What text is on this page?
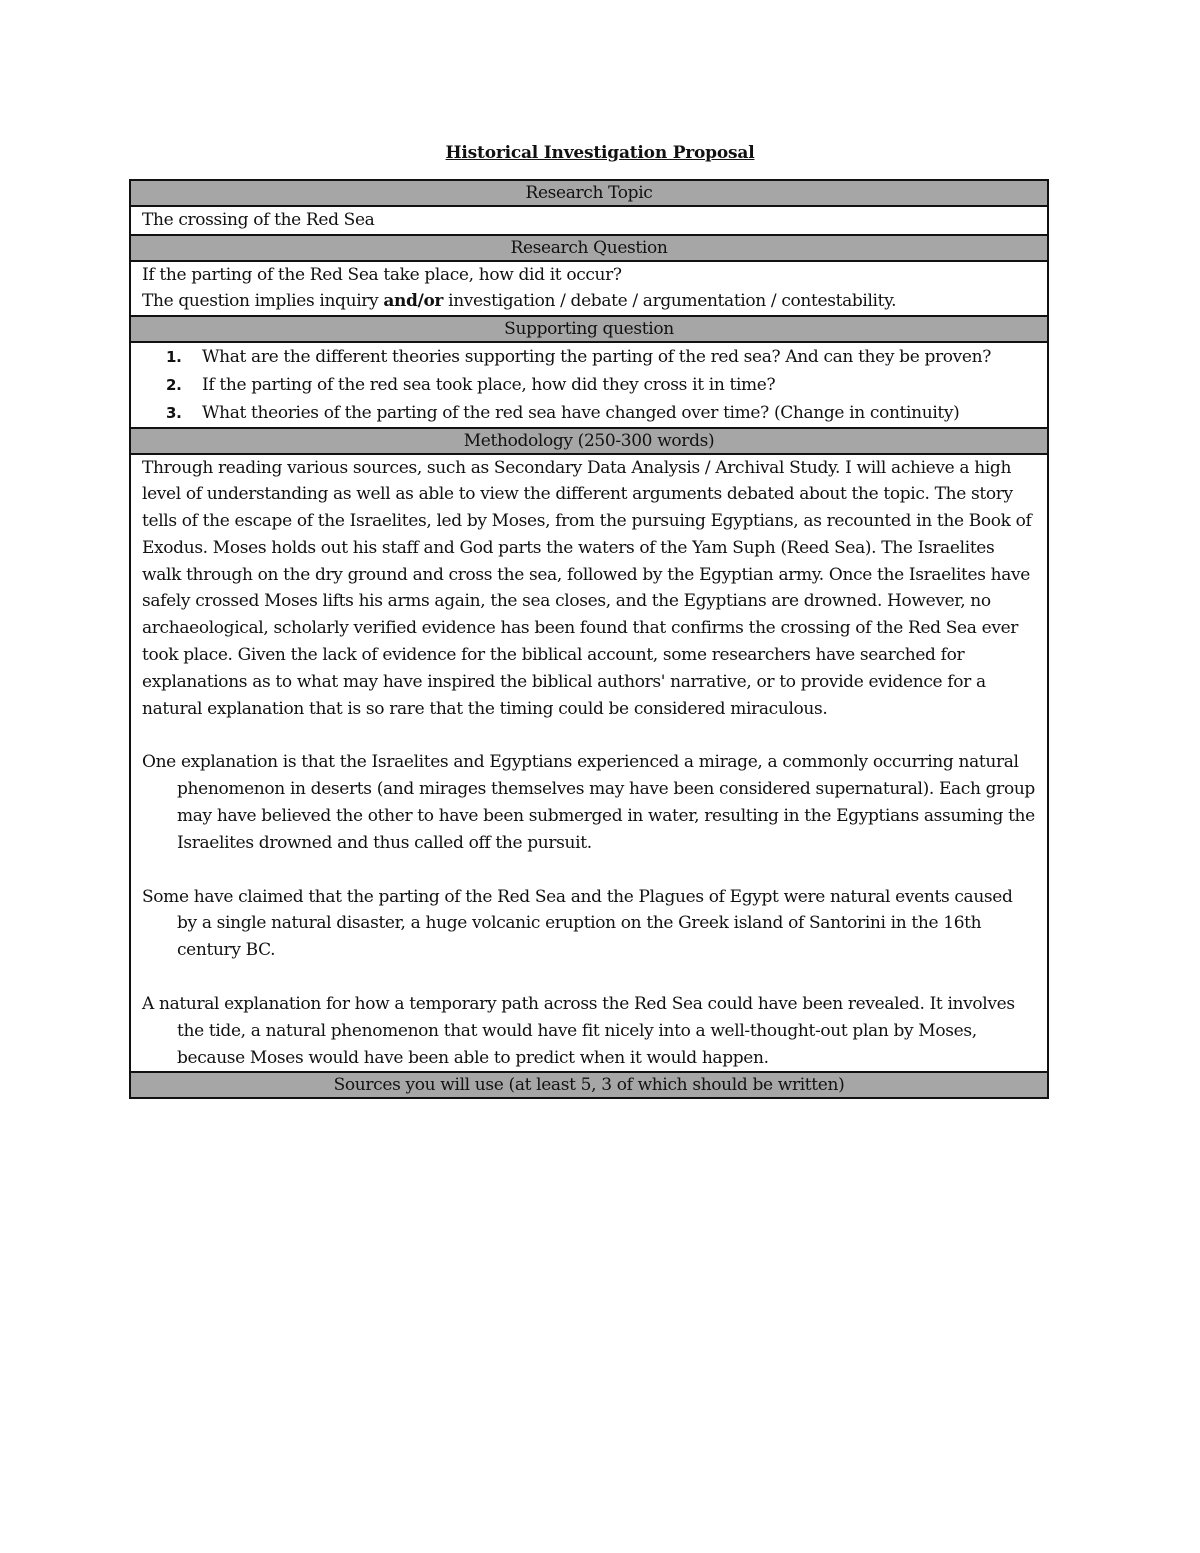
Historical Investigation Proposal
Research Topic

The crossing of the Red Sea

Research Question

If the parting of the Red Sea take place, how did it occur?

The question implies inquiry and/or investigation / debate / argumentation / contestability.

Supporting question
1. What are the different theories supporting the parting of the red sea? And can they be proven?
2. If the parting of the red sea took place, how did they cross it in time?
3. What theories of the parting of the red sea have changed over time? (Change in continuity)
Methodology (250-300 words)

Through reading various sources, such as Secondary Data Analysis / Archival Study. I will achieve a high level of understanding as well as able to view the different arguments debated about the topic. The story tells of the escape of the Israelites, led by Moses, from the pursuing Egyptians, as recounted in the Book of Exodus. Moses holds out his staff and God parts the waters of the Yam Suph (Reed Sea). The Israelites walk through on the dry ground and cross the sea, followed by the Egyptian army. Once the Israelites have safely crossed Moses lifts his arms again, the sea closes, and the Egyptians are drowned. However, no archaeological, scholarly verified evidence has been found that confirms the crossing of the Red Sea ever took place. Given the lack of evidence for the biblical account, some researchers have searched for explanations as to what may have inspired the biblical authors' narrative, or to provide evidence for a natural explanation that is so rare that the timing could be considered miraculous.

One explanation is that the Israelites and Egyptians experienced a mirage, a commonly occurring natural phenomenon in deserts (and mirages themselves may have been considered supernatural). Each group may have believed the other to have been submerged in water, resulting in the Egyptians assuming the Israelites drowned and thus called off the pursuit.

Some have claimed that the parting of the Red Sea and the Plagues of Egypt were natural events caused by a single natural disaster, a huge volcanic eruption on the Greek island of Santorini in the 16th century BC.

A natural explanation for how a temporary path across the Red Sea could have been revealed. It involves the tide, a natural phenomenon that would have fit nicely into a well-thought-out plan by Moses, because Moses would have been able to predict when it would happen.

Sources you will use (at least 5, 3 of which should be written)
